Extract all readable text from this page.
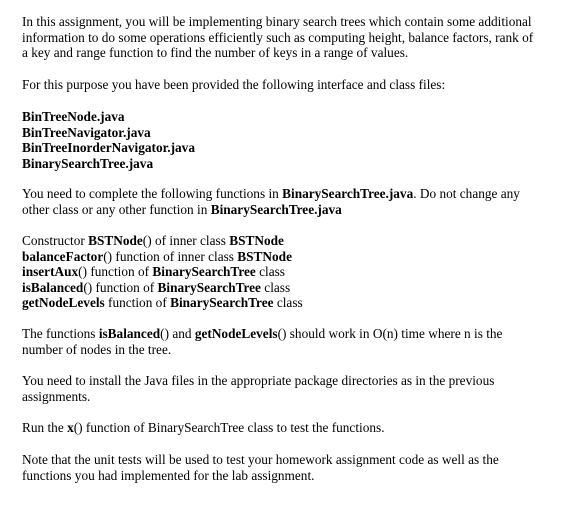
In this assignment, you will be implementing binary search trees which contain some additional
information to do some operations efficiently such as computing height, balance factors, rank of
a key and range function to find the number of keys in a range of values.

For this purpose you have been provided the following interface and class files:

BinTreeNode.java
BinTreeNavigator.java
BinTreeInorderNavigator.java
BinarySearchTree.java

You need to complete the following functions in BinarySearchTree.java. Do not change any
other class or any other function in BinarySearchTree.java

Constructor BSTNode() of inner class BSTNode
balanceFactor() function of inner class BSTNode
insertAux() function of BinarySearchTree class
isBalanced() function of BinarySearchTree class
getNodeLevels function of BinarySearchTree class

The functions isBalanced() and getNodeLevels() should work in O(n) time where n is the
number of nodes in the tree.

You need to install the Java files in the appropriate package directories as in the previous
assignments.

Run the x() function of BinarySearchTree class to test the functions.

Note that the unit tests will be used to test your homework assignment code as well as the
functions you had implemented for the lab assignment.
